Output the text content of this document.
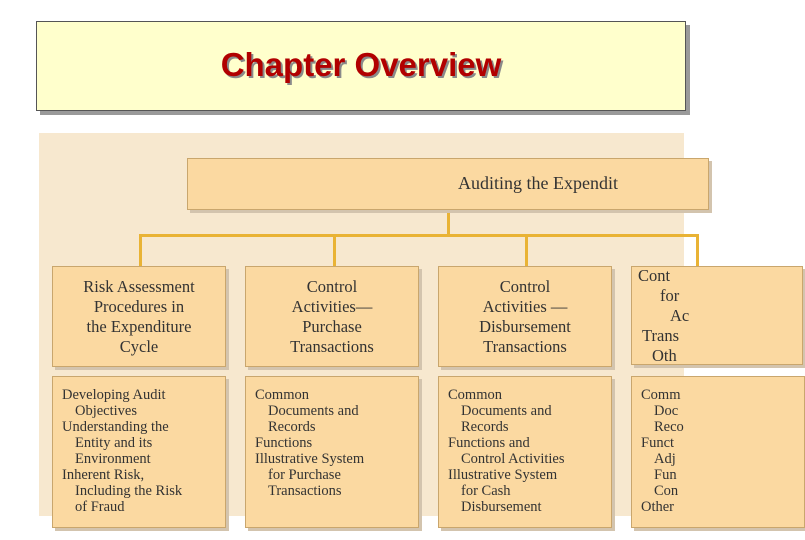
Chapter Overview
Auditing the Expendit
Risk Assessment
Procedures in
the Expenditure
Cycle
Developing Audit
Objectives
Understanding the
Entity and its
Environment
Inherent Risk,
Including the Risk
of Fraud
Control
Activities—
Purchase
Transactions
Common
Documents and
Records
Functions
Illustrative System
for Purchase
Transactions
Control
Activities —
Disbursement
Transactions
Common
Documents and
Records
Functions and
Control Activities
Illustrative System
for Cash
Disbursement
Cont
for
Ac
Trans
Oth
Comm
Doc
Reco
Funct
Adj
Fun
Con
Other
